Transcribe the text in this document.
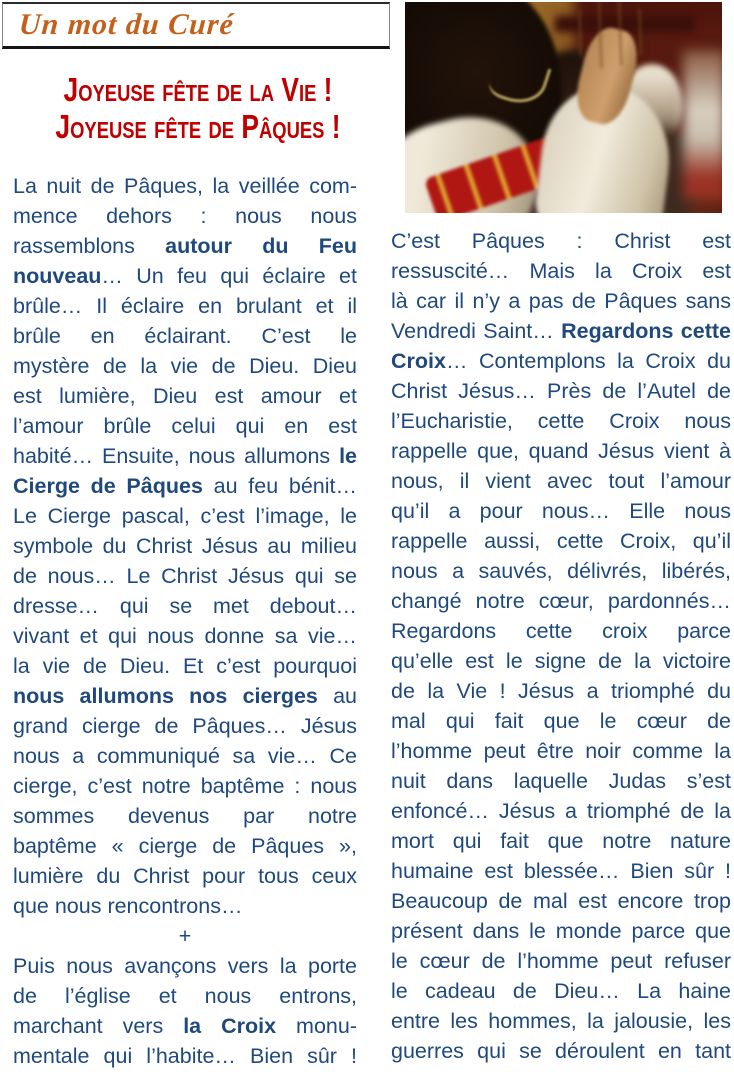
Un mot du Curé
Joyeuse fête de la Vie !
Joyeuse fête de Pâques !
La nuit de Pâques, la veillée com-
mence dehors : nous nous
rassemblons autour du Feu
nouveau… Un feu qui éclaire et
brûle… Il éclaire en brulant et il
brûle en éclairant. C’est le
mystère de la vie de Dieu. Dieu
est lumière, Dieu est amour et
l’amour brûle celui qui en est
habité… Ensuite, nous allumons le
Cierge de Pâques au feu bénit…
Le Cierge pascal, c’est l’image, le
symbole du Christ Jésus au milieu
de nous… Le Christ Jésus qui se
dresse… qui se met debout…
vivant et qui nous donne sa vie…
la vie de Dieu. Et c’est pourquoi
nous allumons nos cierges au
grand cierge de Pâques… Jésus
nous a communiqué sa vie… Ce
cierge, c’est notre baptême : nous
sommes devenus par notre
baptême « cierge de Pâques »,
lumière du Christ pour tous ceux
que nous rencontrons…
+
Puis nous avançons vers la porte
de l’église et nous entrons,
marchant vers la Croix monu-
mentale qui l’habite… Bien sûr !
C’est Pâques : Christ est
ressuscité… Mais la Croix est
là car il n’y a pas de Pâques sans
Vendredi Saint… Regardons cette
Croix… Contemplons la Croix du
Christ Jésus… Près de l’Autel de
l’Eucharistie, cette Croix nous
rappelle que, quand Jésus vient à
nous, il vient avec tout l’amour
qu’il a pour nous… Elle nous
rappelle aussi, cette Croix, qu’il
nous a sauvés, délivrés, libérés,
changé notre cœur, pardonnés…
Regardons cette croix parce
qu’elle est le signe de la victoire
de la Vie ! Jésus a triomphé du
mal qui fait que le cœur de
l’homme peut être noir comme la
nuit dans laquelle Judas s’est
enfoncé… Jésus a triomphé de la
mort qui fait que notre nature
humaine est blessée… Bien sûr !
Beaucoup de mal est encore trop
présent dans le monde parce que
le cœur de l’homme peut refuser
le cadeau de Dieu… La haine
entre les hommes, la jalousie, les
guerres qui se déroulent en tant
